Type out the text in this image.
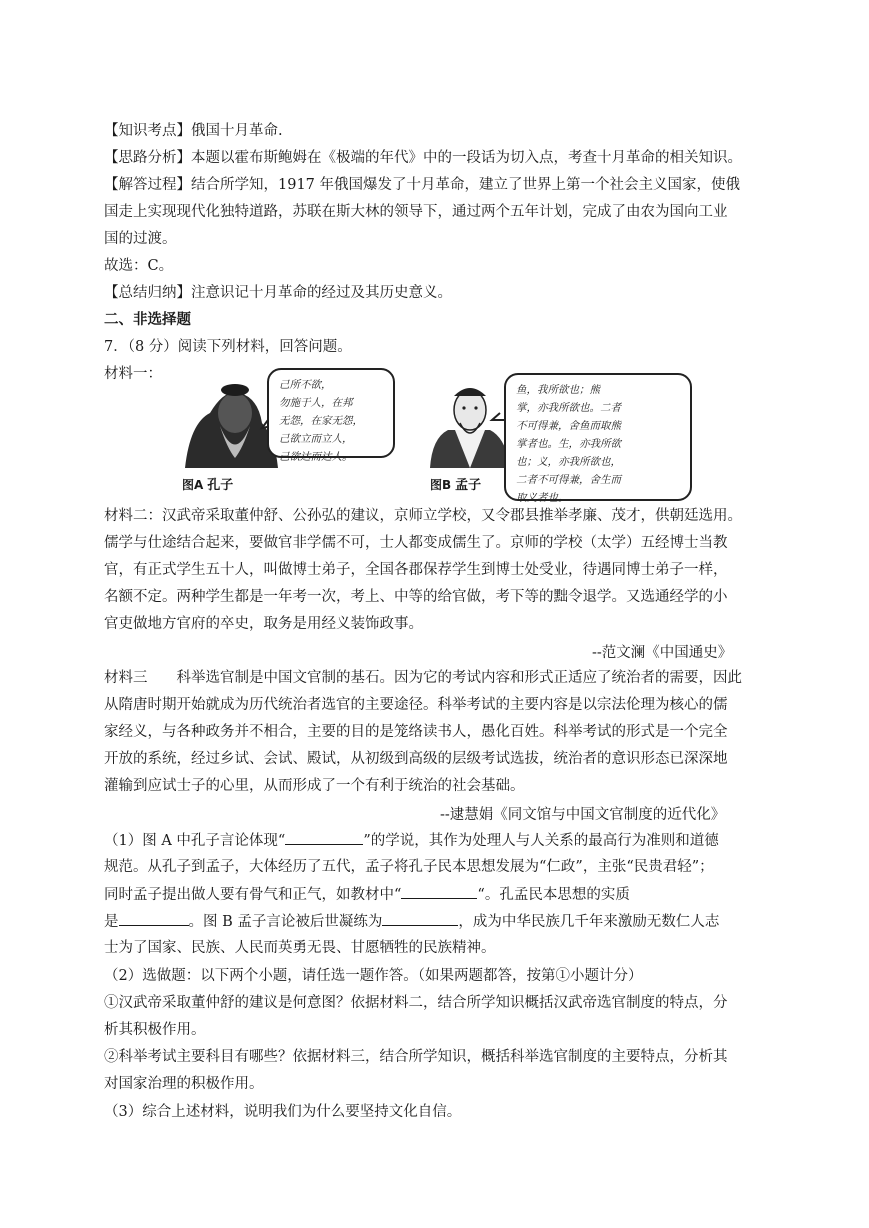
【知识考点】俄国十月革命.
【思路分析】本题以霍布斯鲍姆在《极端的年代》中的一段话为切入点，考查十月革命的相关知识。
【解答过程】结合所学知，1917 年俄国爆发了十月革命，建立了世界上第一个社会主义国家，使俄
国走上实现现代化独特道路，苏联在斯大林的领导下，通过两个五年计划，完成了由农为国向工业
国的过渡。
故选：C。
【总结归纳】注意识记十月革命的经过及其历史意义。
二、非选择题
7．（8 分）阅读下列材料，回答问题。
材料一：
己所不欲，
勿施于人，在邦
无怨，在家无怨，
己欲立而立人，
己欲达而达人。
鱼，我所欲也；熊
掌，亦我所欲也。二者
不可得兼，舍鱼而取熊
掌者也。生，亦我所欲
也；义，亦我所欲也，
二者不可得兼，舍生而
取义者也。
图A 孔子	图B 孟子
材料二：汉武帝采取董仲舒、公孙弘的建议，京师立学校，又令郡县推举孝廉、茂才，供朝廷选用。
儒学与仕途结合起来，要做官非学儒不可，士人都变成儒生了。京师的学校（太学）五经博士当教
官，有正式学生五十人，叫做博士弟子，全国各郡保荐学生到博士处受业，待遇同博士弟子一样，
名额不定。两种学生都是一年考一次，考上、中等的给官做，考下等的黜令退学。又选通经学的小
官吏做地方官府的卒史，取务是用经义装饰政事。
--范文澜《中国通史》
材料三　　科举选官制是中国文官制的基石。因为它的考试内容和形式正适应了统治者的需要，因此
从隋唐时期开始就成为历代统治者选官的主要途径。科举考试的主要内容是以宗法伦理为核心的儒
家经义，与各种政务并不相合，主要的目的是笼络读书人，愚化百姓。科举考试的形式是一个完全
开放的系统，经过乡试、会试、殿试，从初级到高级的层级考试选拔，统治者的意识形态已深深地
灌输到应试士子的心里，从而形成了一个有利于统治的社会基础。
--逮慧娟《同文馆与中国文官制度的近代化》
（1）图 A 中孔子言论体现“	”的学说，其作为处理人与人关系的最高行为准则和道德
规范。从孔子到孟子，大体经历了五代，孟子将孔子民本思想发展为“仁政”，主张“民贵君轻”；
同时孟子提出做人要有骨气和正气，如教材中“	“。孔孟民本思想的实质
是	。图 B 孟子言论被后世凝练为	，成为中华民族几千年来激励无数仁人志
士为了国家、民族、人民而英勇无畏、甘愿牺牲的民族精神。
（2）选做题：以下两个小题，请任选一题作答。（如果两题都答，按第①小题计分）
①汉武帝采取董仲舒的建议是何意图？依据材料二，结合所学知识概括汉武帝选官制度的特点，分
析其积极作用。
②科举考试主要科目有哪些？依据材料三，结合所学知识，概括科举选官制度的主要特点，分析其
对国家治理的积极作用。
（3）综合上述材料，说明我们为什么要坚持文化自信。
